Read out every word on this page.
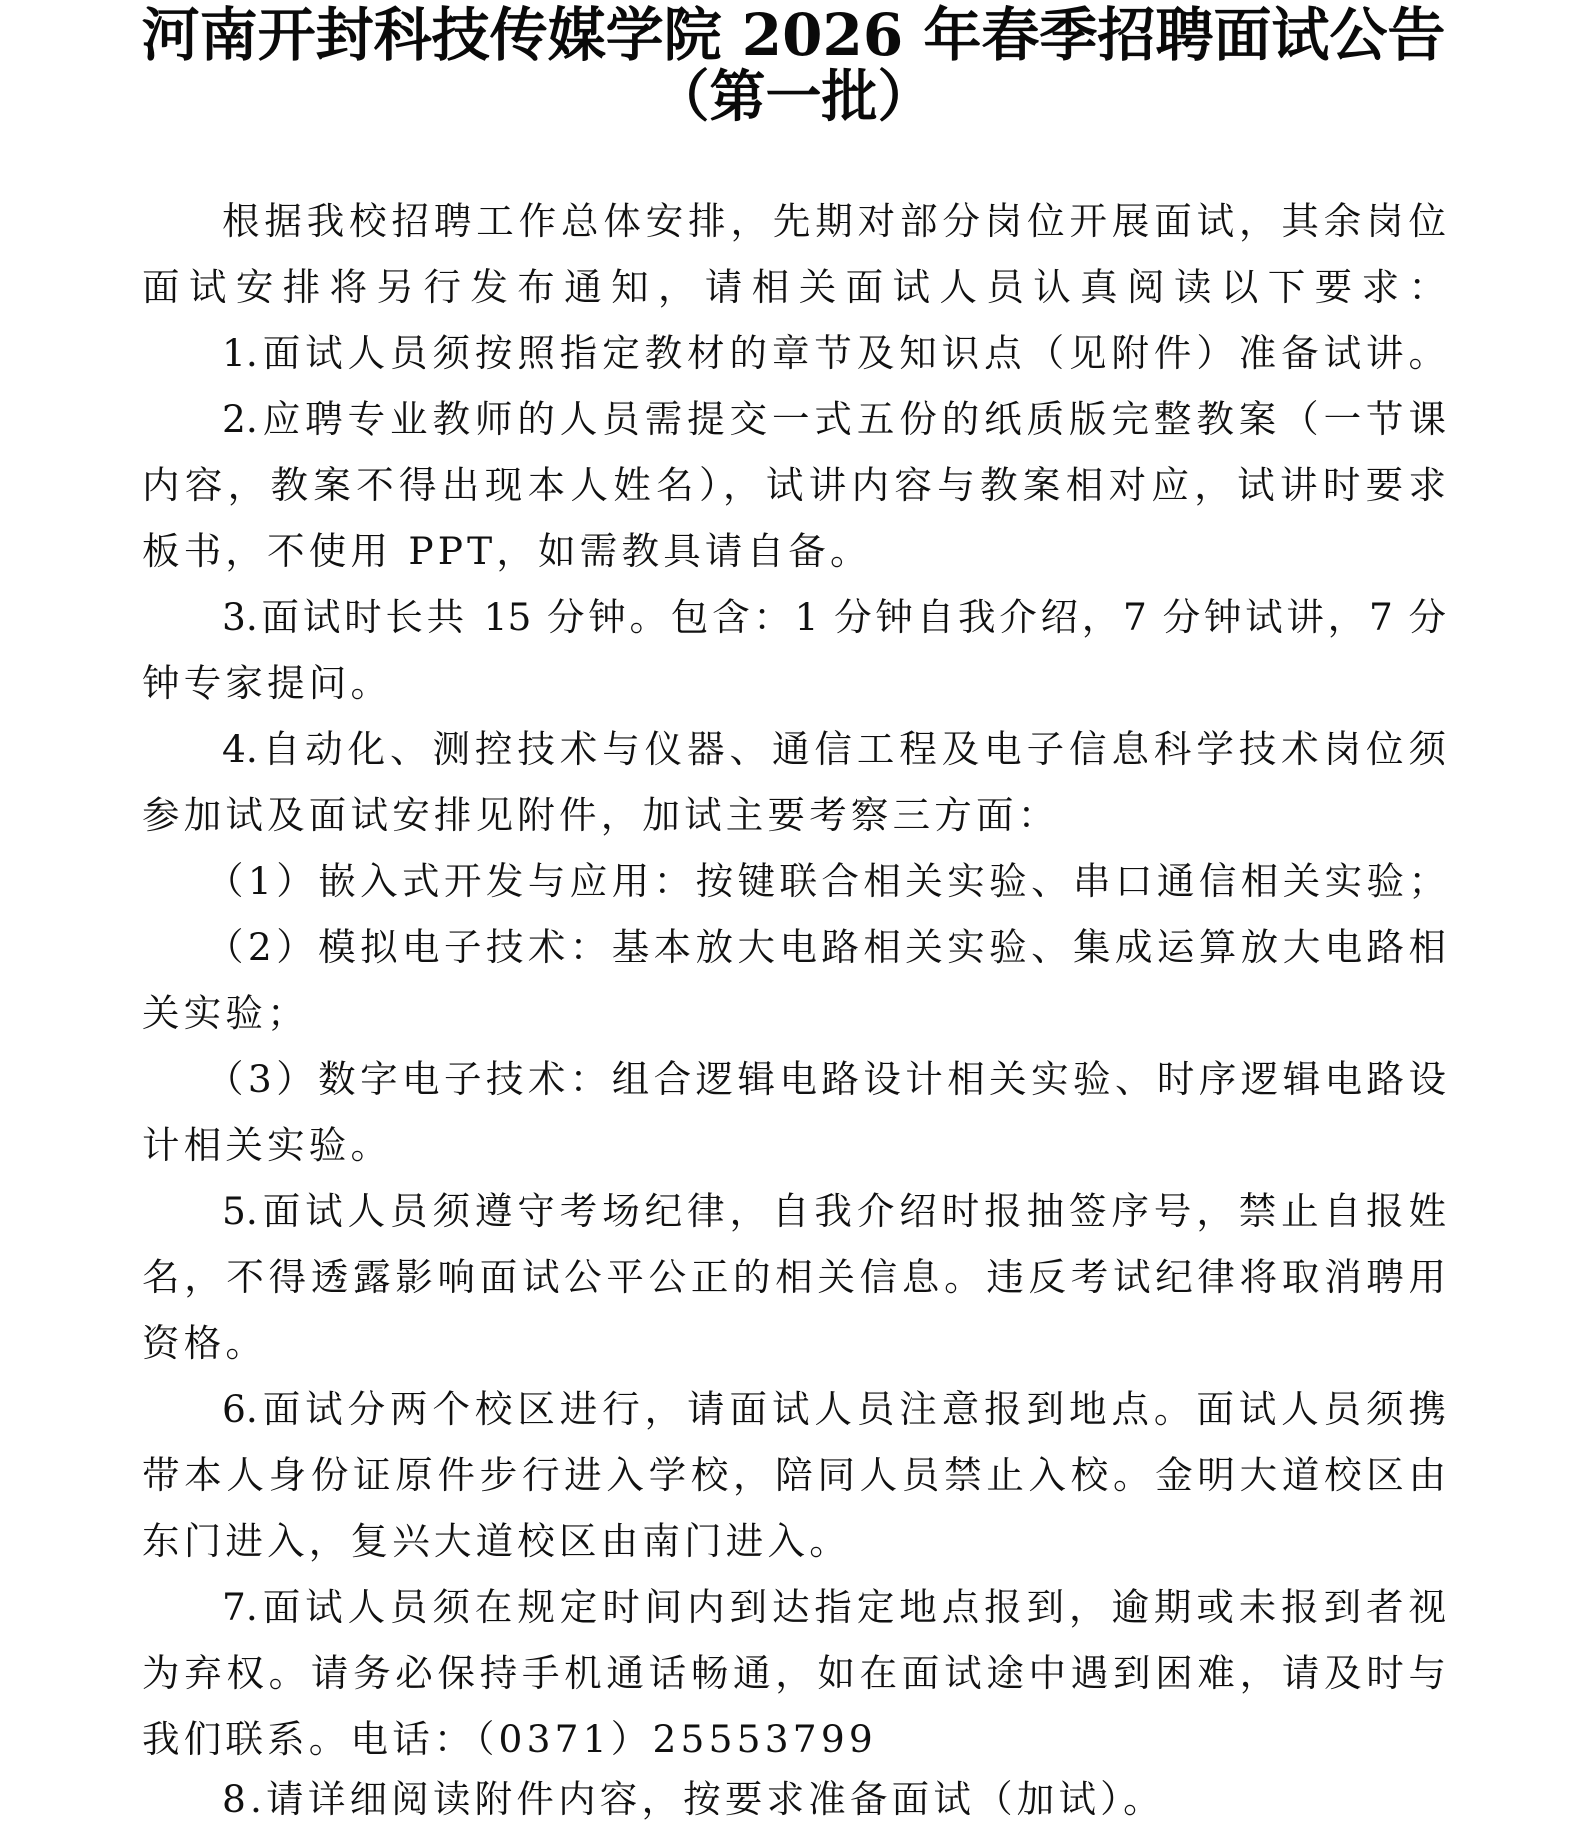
河南开封科技传媒学院 2026 年春季招聘面试公告
（第一批）
根据我校招聘工作总体安排，先期对部分岗位开展面试，其余岗位
面试安排将另行发布通知，请相关面试人员认真阅读以下要求：
1.面试人员须按照指定教材的章节及知识点（见附件）准备试讲。
2.应聘专业教师的人员需提交一式五份的纸质版完整教案（一节课
内容，教案不得出现本人姓名），试讲内容与教案相对应，试讲时要求
板书，不使用 PPT，如需教具请自备。
3.面试时长共 15 分钟。包含：1 分钟自我介绍，7 分钟试讲，7 分
钟专家提问。
4.自动化、测控技术与仪器、通信工程及电子信息科学技术岗位须
参加试及面试安排见附件，加试主要考察三方面：
（1）嵌入式开发与应用：按键联合相关实验、串口通信相关实验；
（2）模拟电子技术：基本放大电路相关实验、集成运算放大电路相
关实验；
（3）数字电子技术：组合逻辑电路设计相关实验、时序逻辑电路设
计相关实验。
5.面试人员须遵守考场纪律，自我介绍时报抽签序号，禁止自报姓
名，不得透露影响面试公平公正的相关信息。违反考试纪律将取消聘用
资格。
6.面试分两个校区进行，请面试人员注意报到地点。面试人员须携
带本人身份证原件步行进入学校，陪同人员禁止入校。金明大道校区由
东门进入，复兴大道校区由南门进入。
7.面试人员须在规定时间内到达指定地点报到，逾期或未报到者视
为弃权。请务必保持手机通话畅通，如在面试途中遇到困难，请及时与
我们联系。电话：（0371）25553799
8.请详细阅读附件内容，按要求准备面试（加试）。
